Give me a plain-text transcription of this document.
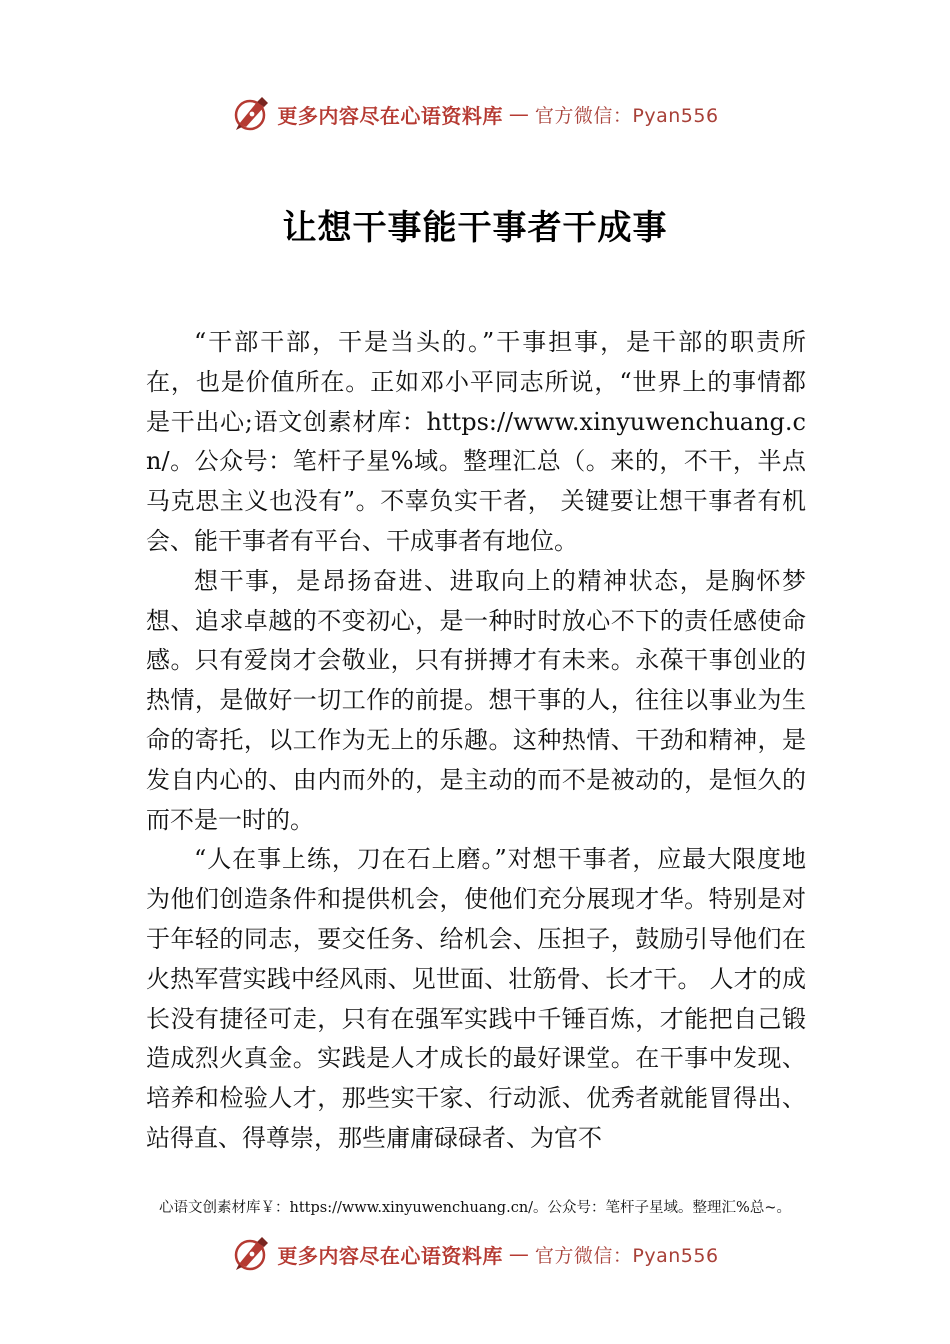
更多内容尽在心语资料库 — 官方微信：Pyan556
让想干事能干事者干成事

“干部干部，干是当头的。”干事担事，是干部的职责所在，也是价值所在。正如邓小平同志所说，“世界上的事情都是干出心;语文创素材库：https://www.xinyuwenchuang.cn/。公众号：笔杆子星%域。整理汇总（。来的，不干，半点马克思主义也没有”。不辜负实干者， 关键要让想干事者有机会、能干事者有平台、干成事者有地位。

想干事，是昂扬奋进、进取向上的精神状态，是胸怀梦想、追求卓越的不变初心，是一种时时放心不下的责任感使命感。只有爱岗才会敬业，只有拼搏才有未来。永葆干事创业的热情，是做好一切工作的前提。想干事的人，往往以事业为生命的寄托，以工作为无上的乐趣。这种热情、干劲和精神，是发自内心的、由内而外的，是主动的而不是被动的，是恒久的而不是一时的。

“人在事上练，刀在石上磨。”对想干事者，应最大限度地为他们创造条件和提供机会，使他们充分展现才华。特别是对于年轻的同志，要交任务、给机会、压担子，鼓励引导他们在火热军营实践中经风雨、见世面、壮筋骨、长才干。 人才的成长没有捷径可走，只有在强军实践中千锤百炼，才能把自己锻造成烈火真金。实践是人才成长的最好课堂。在干事中发现、培养和检验人才，那些实干家、行动派、优秀者就能冒得出、站得直、得尊崇，那些庸庸碌碌者、为官不

心语文创素材库￥：https://www.xinyuwenchuang.cn/。公众号：笔杆子星域。整理汇%总~。
更多内容尽在心语资料库 — 官方微信：Pyan556
